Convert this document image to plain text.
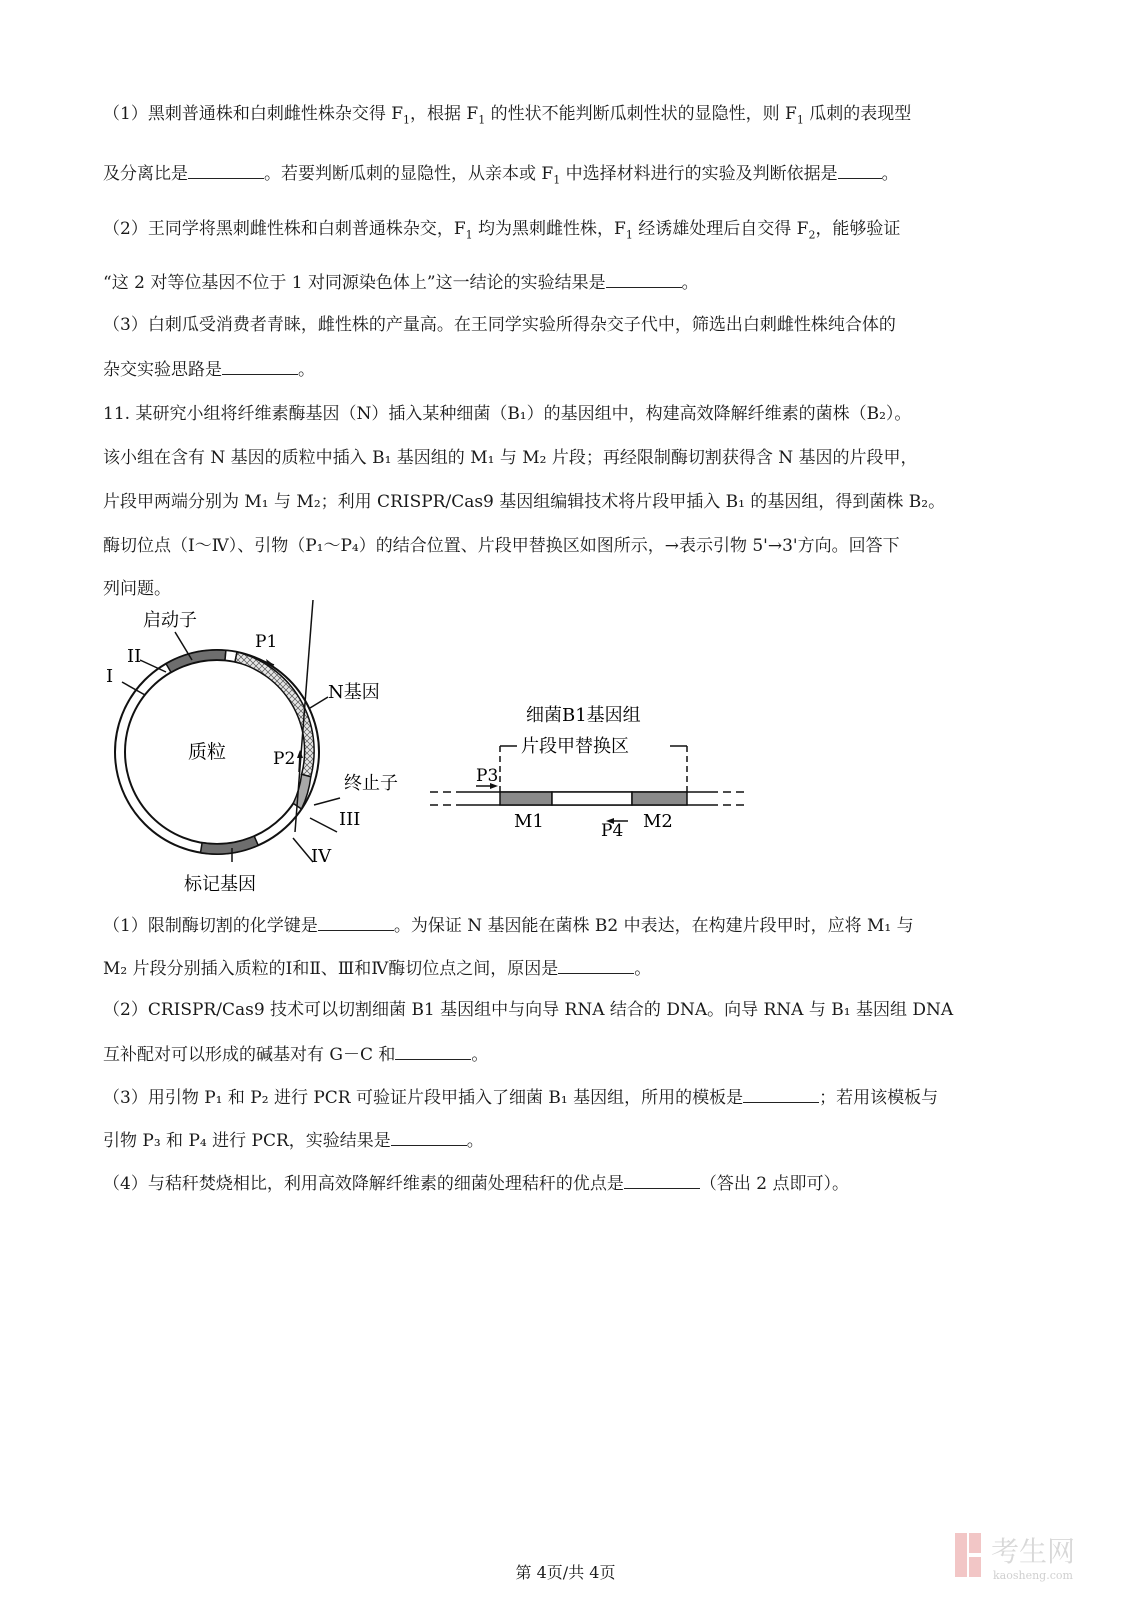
（1）黑刺普通株和白刺雌性株杂交得 $F_1$，根据 $F_1$ 的性状不能判断瓜刺性状的显隐性，则 $F_1$ 瓜刺的表现型
及分离比是	。若要判断瓜刺的显隐性，从亲本或 $F_1$ 中选择材料进行的实验及判断依据是	。
（2）王同学将黑刺雌性株和白刺普通株杂交，$F_1$ 均为黑刺雌性株，$F_1$ 经诱雄处理后自交得 $F_2$，能够验证
“这 2 对等位基因不位于 1 对同源染色体上”这一结论的实验结果是	。
（3）白刺瓜受消费者青睐，雌性株的产量高。在王同学实验所得杂交子代中，筛选出白刺雌性株纯合体的
杂交实验思路是	。
11. 某研究小组将纤维素酶基因（N）插入某种细菌（B₁）的基因组中，构建高效降解纤维素的菌株（B₂）。
该小组在含有 N 基因的质粒中插入 B₁ 基因组的 M₁ 与 M₂ 片段；再经限制酶切割获得含 N 基因的片段甲，
片段甲两端分别为 M₁ 与 M₂；利用 CRISPR/Cas9 基因组编辑技术将片段甲插入 B₁ 的基因组，得到菌株 B₂。
酶切位点（Ⅰ～Ⅳ）、引物（P₁～P₄）的结合位置、片段甲替换区如图所示，→表示引物 5'→3'方向。回答下
列问题。
启动子
II
I
P1
N基因
质粒	P2
终止子
III
IV
标记基因
细菌B1基因组
片段甲替换区
P3
P4
M1	M2
（1）限制酶切割的化学键是	。为保证 N 基因能在菌株 B2 中表达，在构建片段甲时，应将 M₁ 与
M₂ 片段分别插入质粒的Ⅰ和Ⅱ、Ⅲ和Ⅳ酶切位点之间，原因是	。
（2）CRISPR/Cas9 技术可以切割细菌 B1 基因组中与向导 RNA 结合的 DNA。向导 RNA 与 B₁ 基因组 DNA
互补配对可以形成的碱基对有 G－C 和	。
（3）用引物 P₁ 和 P₂ 进行 PCR 可验证片段甲插入了细菌 B₁ 基因组，所用的模板是	；若用该模板与
引物 P₃ 和 P₄ 进行 PCR，实验结果是	。
（4）与秸秆焚烧相比，利用高效降解纤维素的细菌处理秸秆的优点是	（答出 2 点即可）。
第 4页/共 4页
考生网
kaosheng.com
